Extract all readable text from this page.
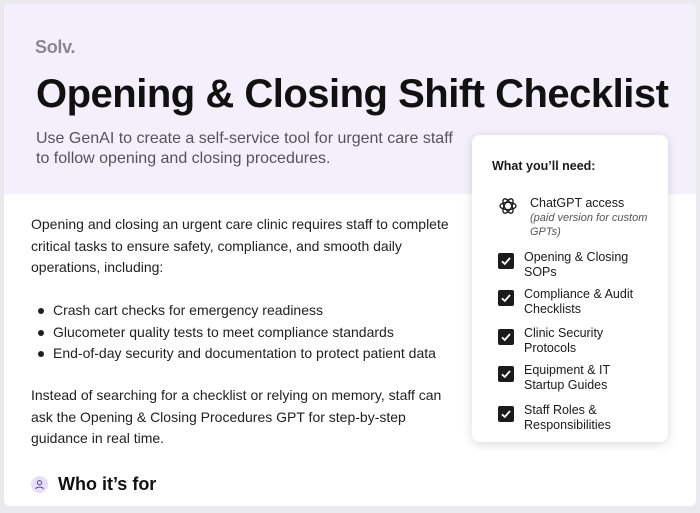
Solv.
Opening & Closing Shift Checklist
Use GenAI to create a self-service tool for urgent care staff to follow opening and closing procedures.
Opening and closing an urgent care clinic requires staff to complete critical tasks to ensure safety, compliance, and smooth daily operations, including:
Crash cart checks for emergency readiness
Glucometer quality tests to meet compliance standards
End-of-day security and documentation to protect patient data
Instead of searching for a checklist or relying on memory, staff can ask the Opening & Closing Procedures GPT for step-by-step guidance in real time.
Who it’s for
What you’ll need:
ChatGPT access
(paid version for custom GPTs)
Opening & Closing SOPs
Compliance & Audit Checklists
Clinic Security Protocols
Equipment & IT Startup Guides
Staff Roles & Responsibilities
